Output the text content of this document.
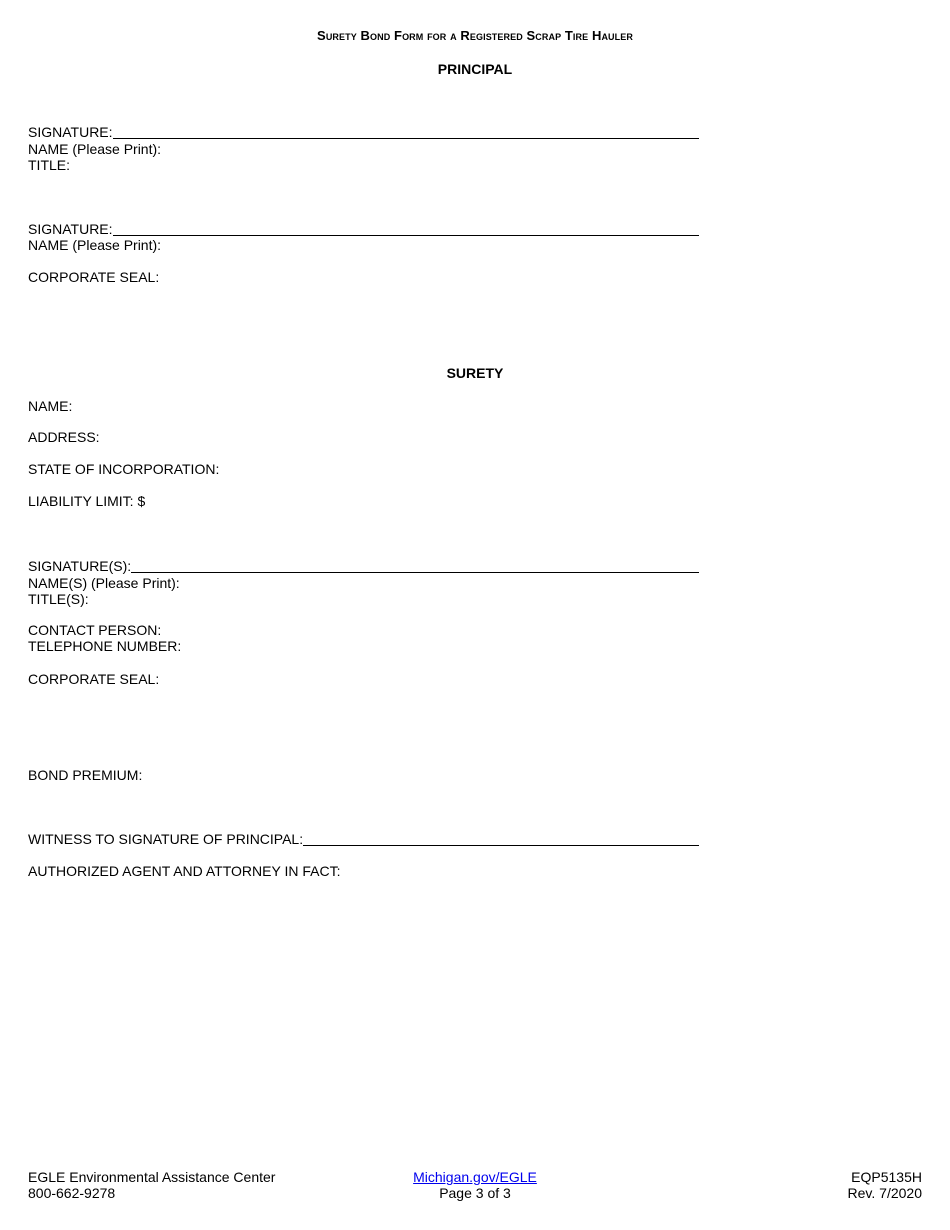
Surety Bond Form for a Registered Scrap Tire Hauler
PRINCIPAL
SIGNATURE:
NAME (Please Print):
TITLE:
SIGNATURE:
NAME (Please Print):
CORPORATE SEAL:
SURETY
NAME:
ADDRESS:
STATE OF INCORPORATION:
LIABILITY LIMIT: $
SIGNATURE(S):
NAME(S) (Please Print):
TITLE(S):
CONTACT PERSON:
TELEPHONE NUMBER:
CORPORATE SEAL:
BOND PREMIUM:
WITNESS TO SIGNATURE OF PRINCIPAL:
AUTHORIZED AGENT AND ATTORNEY IN FACT:
EGLE Environmental Assistance Center
800-662-9278
Michigan.gov/EGLE
Page 3 of 3
EQP5135H
Rev. 7/2020
